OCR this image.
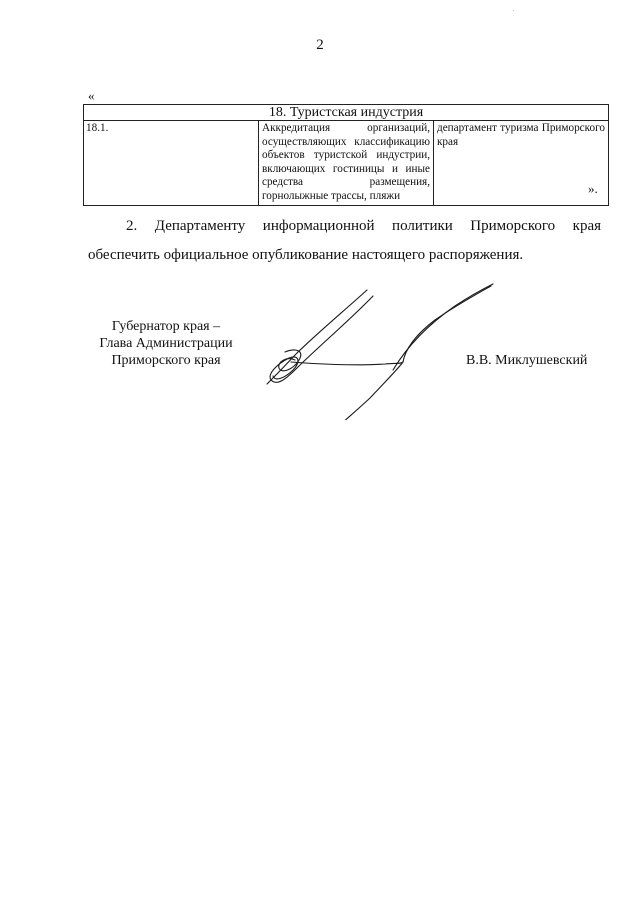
2
«
18. Туристская индустрия
18.1.	Аккредитация организаций, осуществляющих классификацию объектов туристской индустрии, включающих гостиницы и иные средства размещения, горнолыжные трассы, пляжи	департамент туризма Приморского края
».
2. Департаменту информационной политики Приморского края
обеспечить официальное опубликование настоящего распоряжения.
Губернатор края –
Глава Администрации
Приморского края	В.В. Миклушевский
